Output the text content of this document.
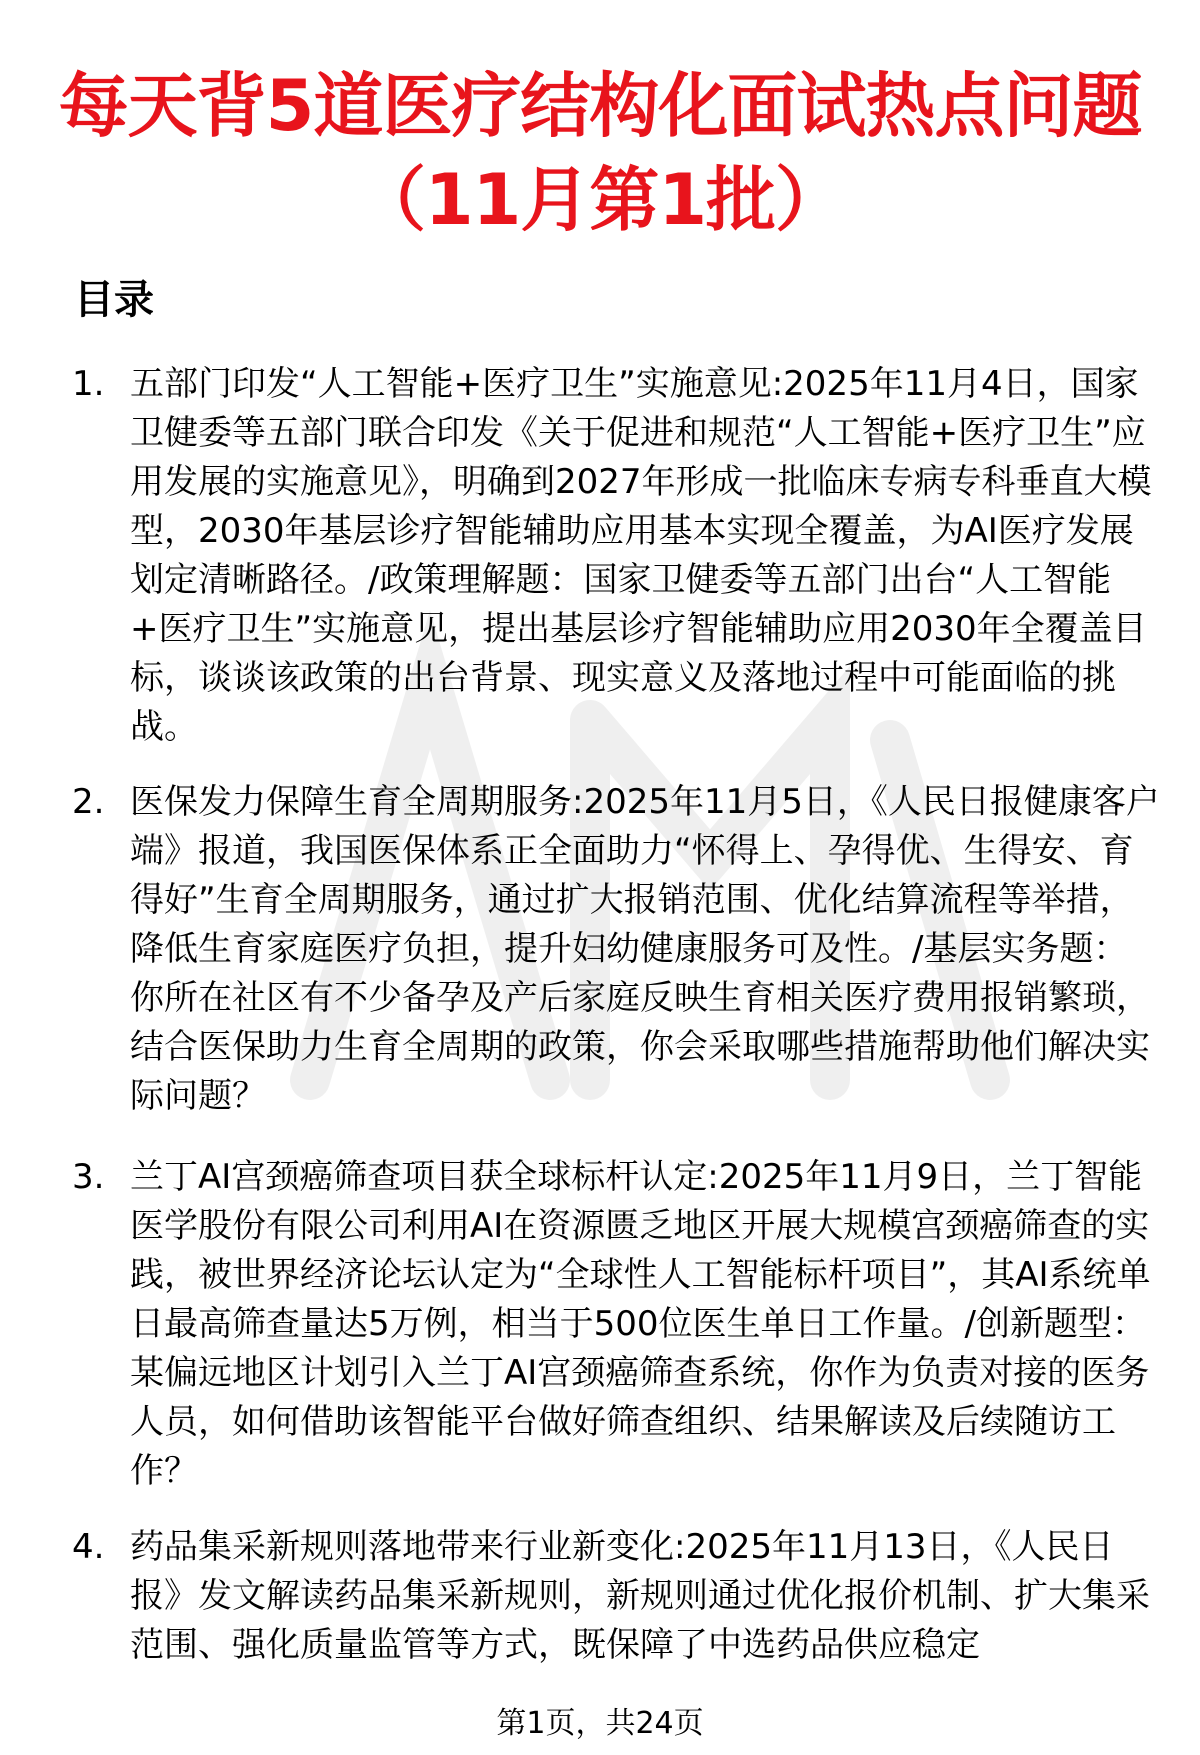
每天背5道医疗结构化面试热点问题
（11月第1批）
目录
1. 五部门印发“人工智能+医疗卫生”实施意见:2025年11月4日，国家卫健委等五部门联合印发《关于促进和规范“人工智能+医疗卫生”应用发展的实施意见》，明确到2027年形成一批临床专病专科垂直大模型，2030年基层诊疗智能辅助应用基本实现全覆盖，为AI医疗发展划定清晰路径。/政策理解题：国家卫健委等五部门出台“人工智能+医疗卫生”实施意见，提出基层诊疗智能辅助应用2030年全覆盖目标，谈谈该政策的出台背景、现实意义及落地过程中可能面临的挑战。
2. 医保发力保障生育全周期服务:2025年11月5日，《人民日报健康客户端》报道，我国医保体系正全面助力“怀得上、孕得优、生得安、育得好”生育全周期服务，通过扩大报销范围、优化结算流程等举措，降低生育家庭医疗负担，提升妇幼健康服务可及性。/基层实务题：你所在社区有不少备孕及产后家庭反映生育相关医疗费用报销繁琐，结合医保助力生育全周期的政策，你会采取哪些措施帮助他们解决实际问题？
3. 兰丁AI宫颈癌筛查项目获全球标杆认定:2025年11月9日，兰丁智能医学股份有限公司利用AI在资源匮乏地区开展大规模宫颈癌筛查的实践，被世界经济论坛认定为“全球性人工智能标杆项目”，其AI系统单日最高筛查量达5万例，相当于500位医生单日工作量。/创新题型：某偏远地区计划引入兰丁AI宫颈癌筛查系统，你作为负责对接的医务人员，如何借助该智能平台做好筛查组织、结果解读及后续随访工作？
4. 药品集采新规则落地带来行业新变化:2025年11月13日，《人民日报》发文解读药品集采新规则，新规则通过优化报价机制、扩大集采范围、强化质量监管等方式，既保障了中选药品供应稳定
第1页，共24页
